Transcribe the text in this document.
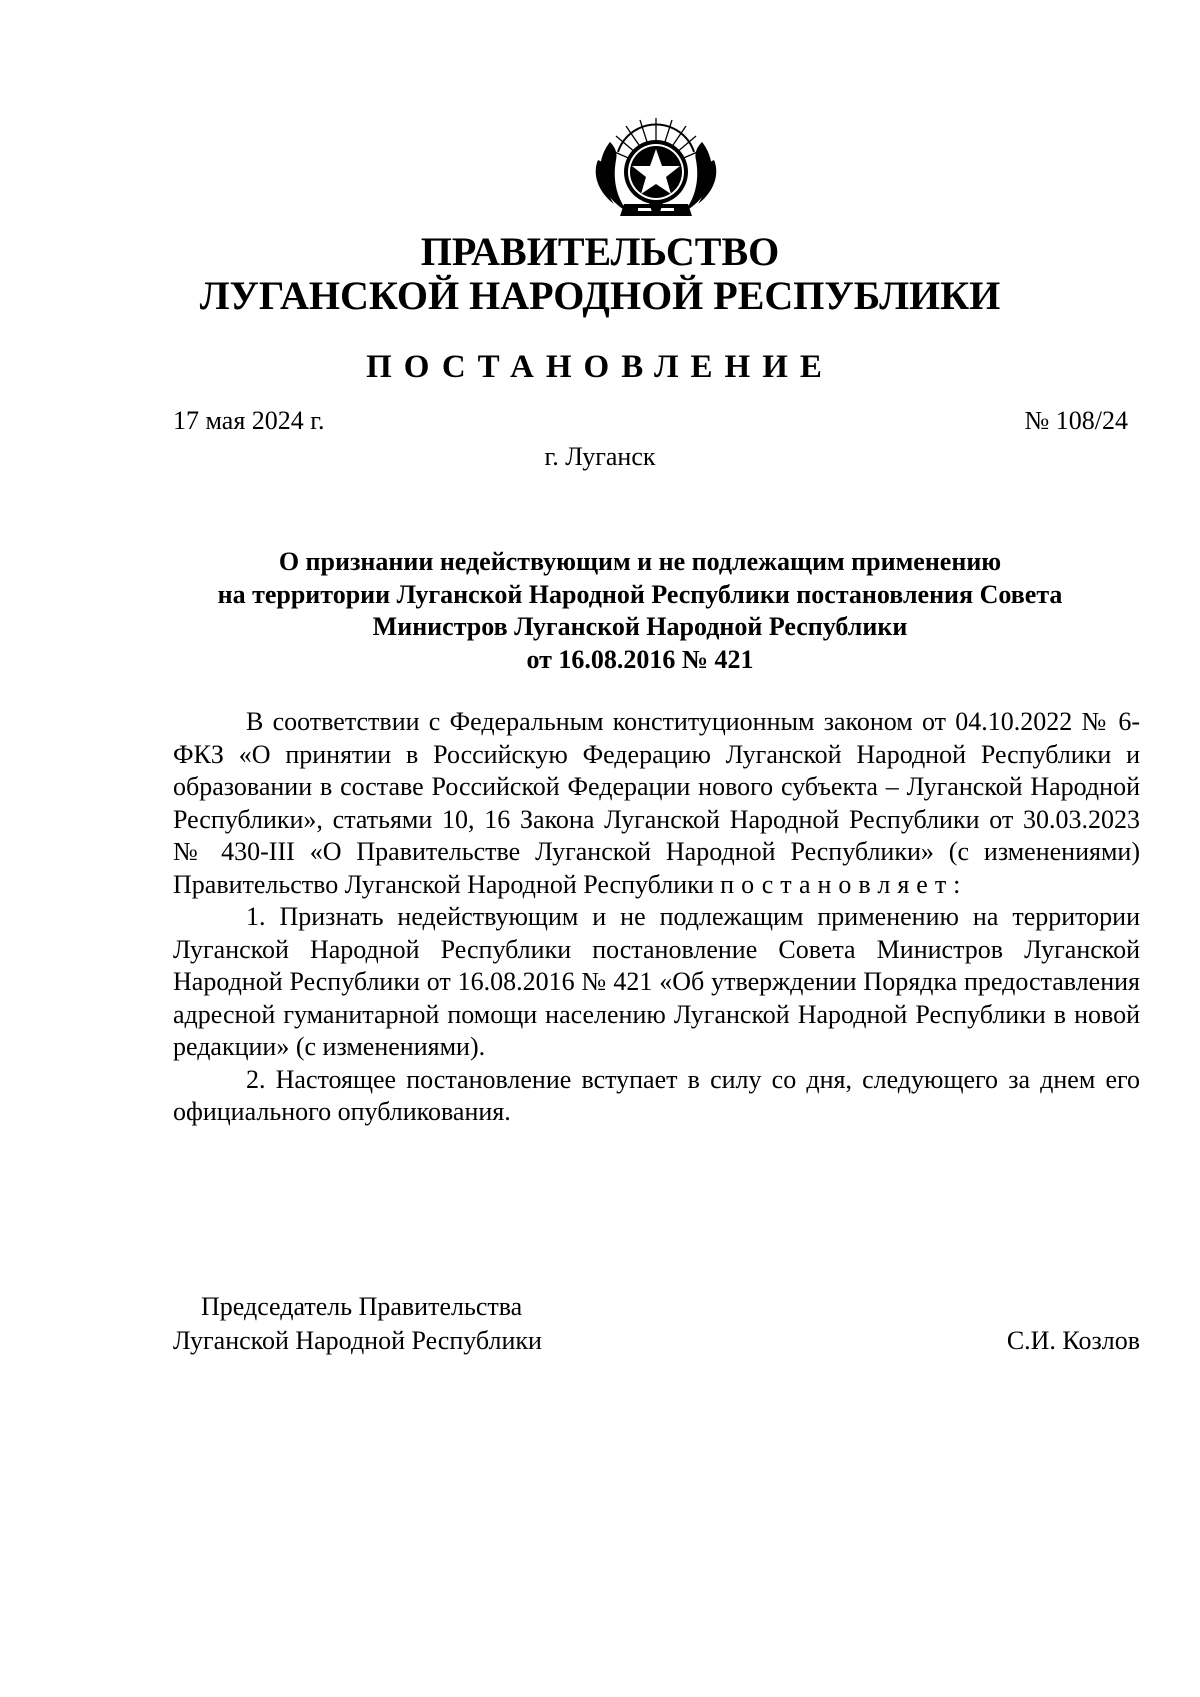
ПРАВИТЕЛЬСТВО
ЛУГАНСКОЙ НАРОДНОЙ РЕСПУБЛИКИ
ПОСТАНОВЛЕНИЕ
17 мая 2024 г.	№ 108/24
г. Луганск
О признании недействующим и не подлежащим применению
на территории Луганской Народной Республики постановления Совета
Министров Луганской Народной Республики
от 16.08.2016 № 421

В соответствии с Федеральным конституционным законом от 04.10.2022 № 6-ФКЗ «О принятии в Российскую Федерацию Луганской Народной Республики и образовании в составе Российской Федерации нового субъекта – Луганской Народной Республики», статьями 10, 16 Закона Луганской Народной Республики от 30.03.2023 № 430-III «О Правительстве Луганской Народной Республики» (с изменениями) Правительство Луганской Народной Республики постановляет:

1. Признать недействующим и не подлежащим применению на территории Луганской Народной Республики постановление Совета Министров Луганской Народной Республики от 16.08.2016 № 421 «Об утверждении Порядка предоставления адресной гуманитарной помощи населению Луганской Народной Республики в новой редакции» (с изменениями).

2. Настоящее постановление вступает в силу со дня, следующего за днем его официального опубликования.

Председатель Правительства
Луганской Народной Республики	С.И. Козлов
